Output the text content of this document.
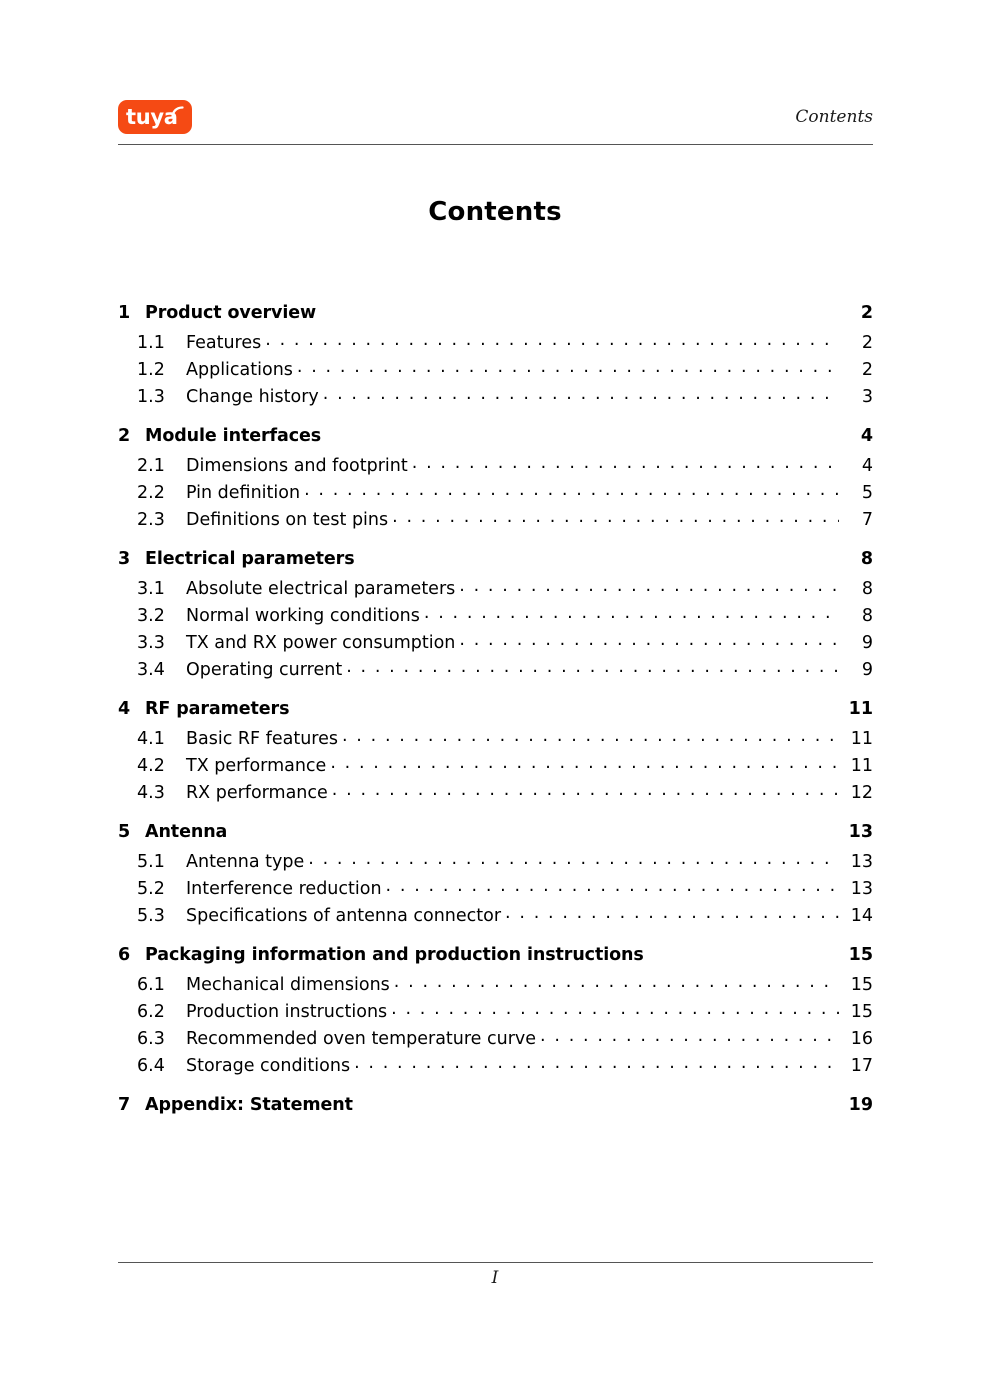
tuya	Contents
Contents
1 Product overview	2
1.1	Features . . .	2
1.2	Applications . . .	2
1.3	Change history . . .	3
2 Module interfaces	4
2.1	Dimensions and footprint . . .	4
2.2	Pin definition . . .	5
2.3	Definitions on test pins . . .	7
3 Electrical parameters	8
3.1	Absolute electrical parameters . . .	8
3.2	Normal working conditions . . .	8
3.3	TX and RX power consumption . . .	9
3.4	Operating current . . .	9
4 RF parameters	11
4.1	Basic RF features . . .	11
4.2	TX performance . . .	11
4.3	RX performance . . .	12
5 Antenna	13
5.1	Antenna type . . .	13
5.2	Interference reduction . . .	13
5.3	Specifications of antenna connector . . .	14
6 Packaging information and production instructions	15
6.1	Mechanical dimensions . . .	15
6.2	Production instructions . . .	15
6.3	Recommended oven temperature curve . . .	16
6.4	Storage conditions . . .	17
7 Appendix: Statement	19
I
